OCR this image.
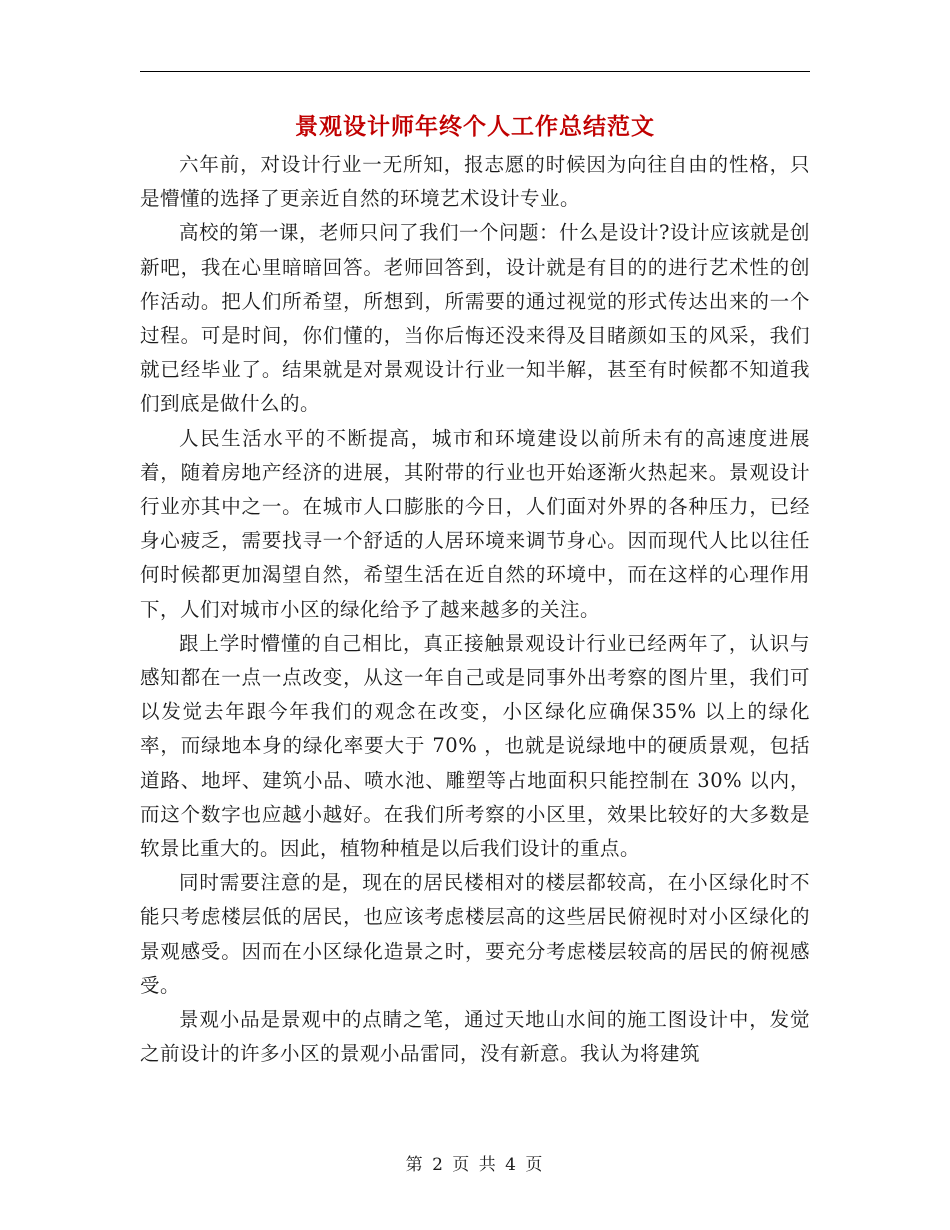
景观设计师年终个人工作总结范文

六年前，对设计行业一无所知，报志愿的时候因为向往自由的性格，只是懵懂的选择了更亲近自然的环境艺术设计专业。

高校的第一课，老师只问了我们一个问题：什么是设计?设计应该就是创新吧，我在心里暗暗回答。老师回答到，设计就是有目的的进行艺术性的创作活动。把人们所希望，所想到，所需要的通过视觉的形式传达出来的一个过程。可是时间，你们懂的，当你后悔还没来得及目睹颜如玉的风采，我们就已经毕业了。结果就是对景观设计行业一知半解，甚至有时候都不知道我们到底是做什么的。

人民生活水平的不断提高，城市和环境建设以前所未有的高速度进展着，随着房地产经济的进展，其附带的行业也开始逐渐火热起来。景观设计行业亦其中之一。在城市人口膨胀的今日，人们面对外界的各种压力，已经身心疲乏，需要找寻一个舒适的人居环境来调节身心。因而现代人比以往任何时候都更加渴望自然，希望生活在近自然的环境中，而在这样的心理作用下，人们对城市小区的绿化给予了越来越多的关注。

跟上学时懵懂的自己相比，真正接触景观设计行业已经两年了，认识与感知都在一点一点改变，从这一年自己或是同事外出考察的图片里，我们可以发觉去年跟今年我们的观念在改变，小区绿化应确保35% 以上的绿化率，而绿地本身的绿化率要大于 70% ，也就是说绿地中的硬质景观，包括道路、地坪、建筑小品、喷水池、雕塑等占地面积只能控制在 30% 以内，而这个数字也应越小越好。在我们所考察的小区里，效果比较好的大多数是软景比重大的。因此，植物种植是以后我们设计的重点。

同时需要注意的是，现在的居民楼相对的楼层都较高，在小区绿化时不能只考虑楼层低的居民，也应该考虑楼层高的这些居民俯视时对小区绿化的景观感受。因而在小区绿化造景之时，要充分考虑楼层较高的居民的俯视感受。

景观小品是景观中的点睛之笔，通过天地山水间的施工图设计中，发觉之前设计的许多小区的景观小品雷同，没有新意。我认为将建筑

第 2 页 共 4 页
